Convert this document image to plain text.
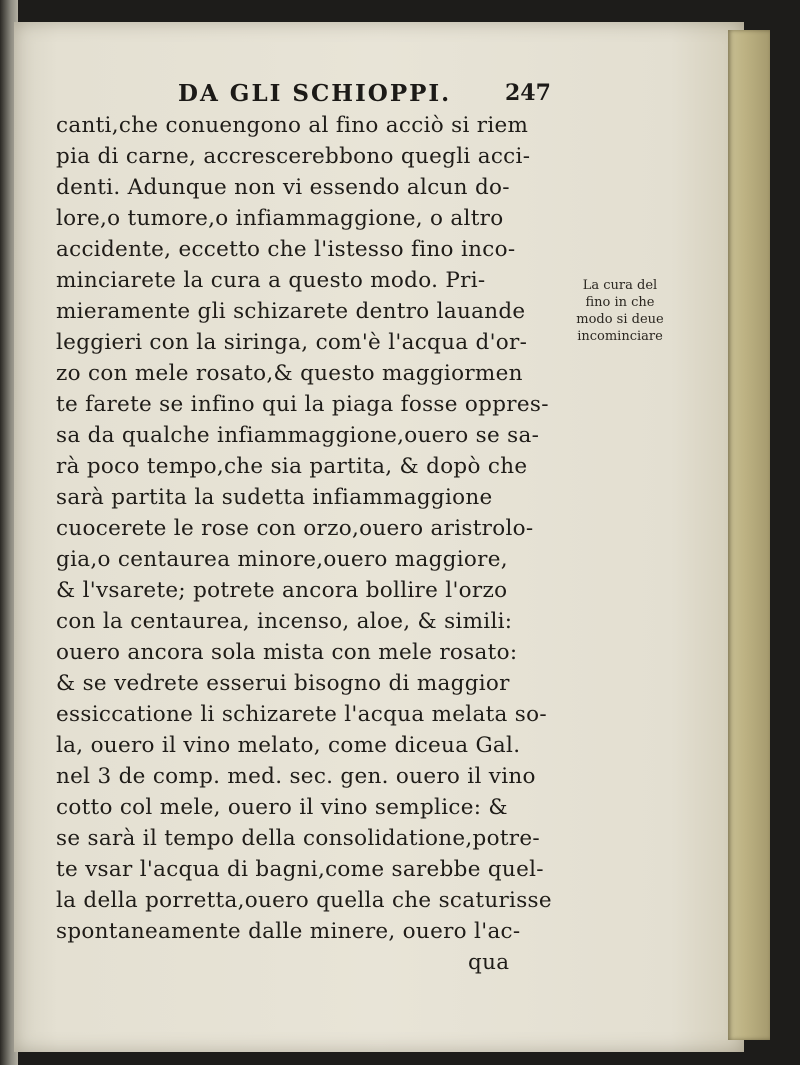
DA GLI SCHIOPPI. 247
canti,che conuengono al fino acciò si riem
pia di carne, accrescerebbono quegli acci-
denti. Adunque non vi essendo alcun do-
lore,o tumore,o infiammaggione, o altro
accidente, eccetto che l'istesso fino inco-
minciarete la cura a questo modo. Pri-
mieramente gli schizarete dentro lauande
leggieri con la siringa, com'è l'acqua d'or-
zo con mele rosato,& questo maggiormen
te farete se infino qui la piaga fosse oppres-
sa da qualche infiammaggione,ouero se sa-
rà poco tempo,che sia partita, & dopò che
sarà partita la sudetta infiammaggione
cuocerete le rose con orzo,ouero aristrolo-
gia,o centaurea minore,ouero maggiore,
& l'vsarete; potrete ancora bollire l'orzo
con la centaurea, incenso, aloe, & simili:
ouero ancora sola mista con mele rosato:
& se vedrete esserui bisogno di maggior
essiccatione li schizarete l'acqua melata so-
la, ouero il vino melato, come diceua Gal.
nel 3 de comp. med. sec. gen. ouero il vino
cotto col mele, ouero il vino semplice: &
se sarà il tempo della consolidatione,potre-
te vsar l'acqua di bagni,come sarebbe quel-
la della porretta,ouero quella che scaturisse
spontaneamente dalle minere, ouero l'ac-
qua
La cura del
fino in che
modo si deue
incominciare
